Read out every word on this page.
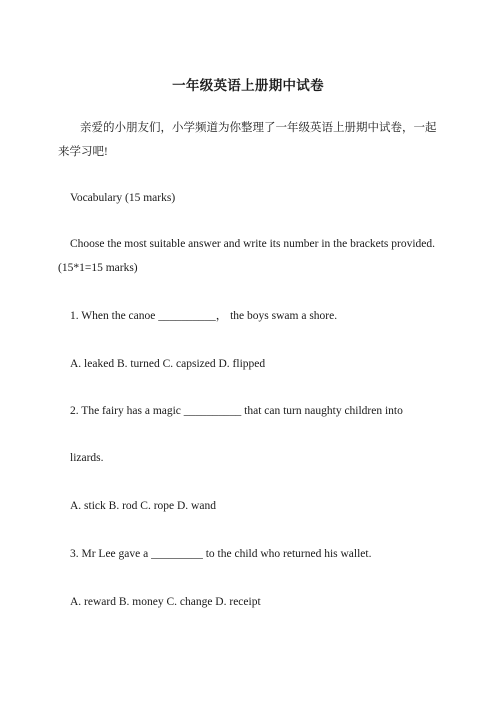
一年级英语上册期中试卷
亲爱的小朋友们，小学频道为你整理了一年级英语上册期中试卷，一起
来学习吧!
Vocabulary (15 marks)
Choose the most suitable answer and write its number in the brackets provided.
(15*1=15 marks)
1. When the canoe __________， the boys swam a shore.
A. leaked B. turned C. capsized D. flipped
2. The fairy has a magic __________ that can turn naughty children into
lizards.
A. stick B. rod C. rope D. wand
3. Mr Lee gave a _________ to the child who returned his wallet.
A. reward B. money C. change D. receipt
